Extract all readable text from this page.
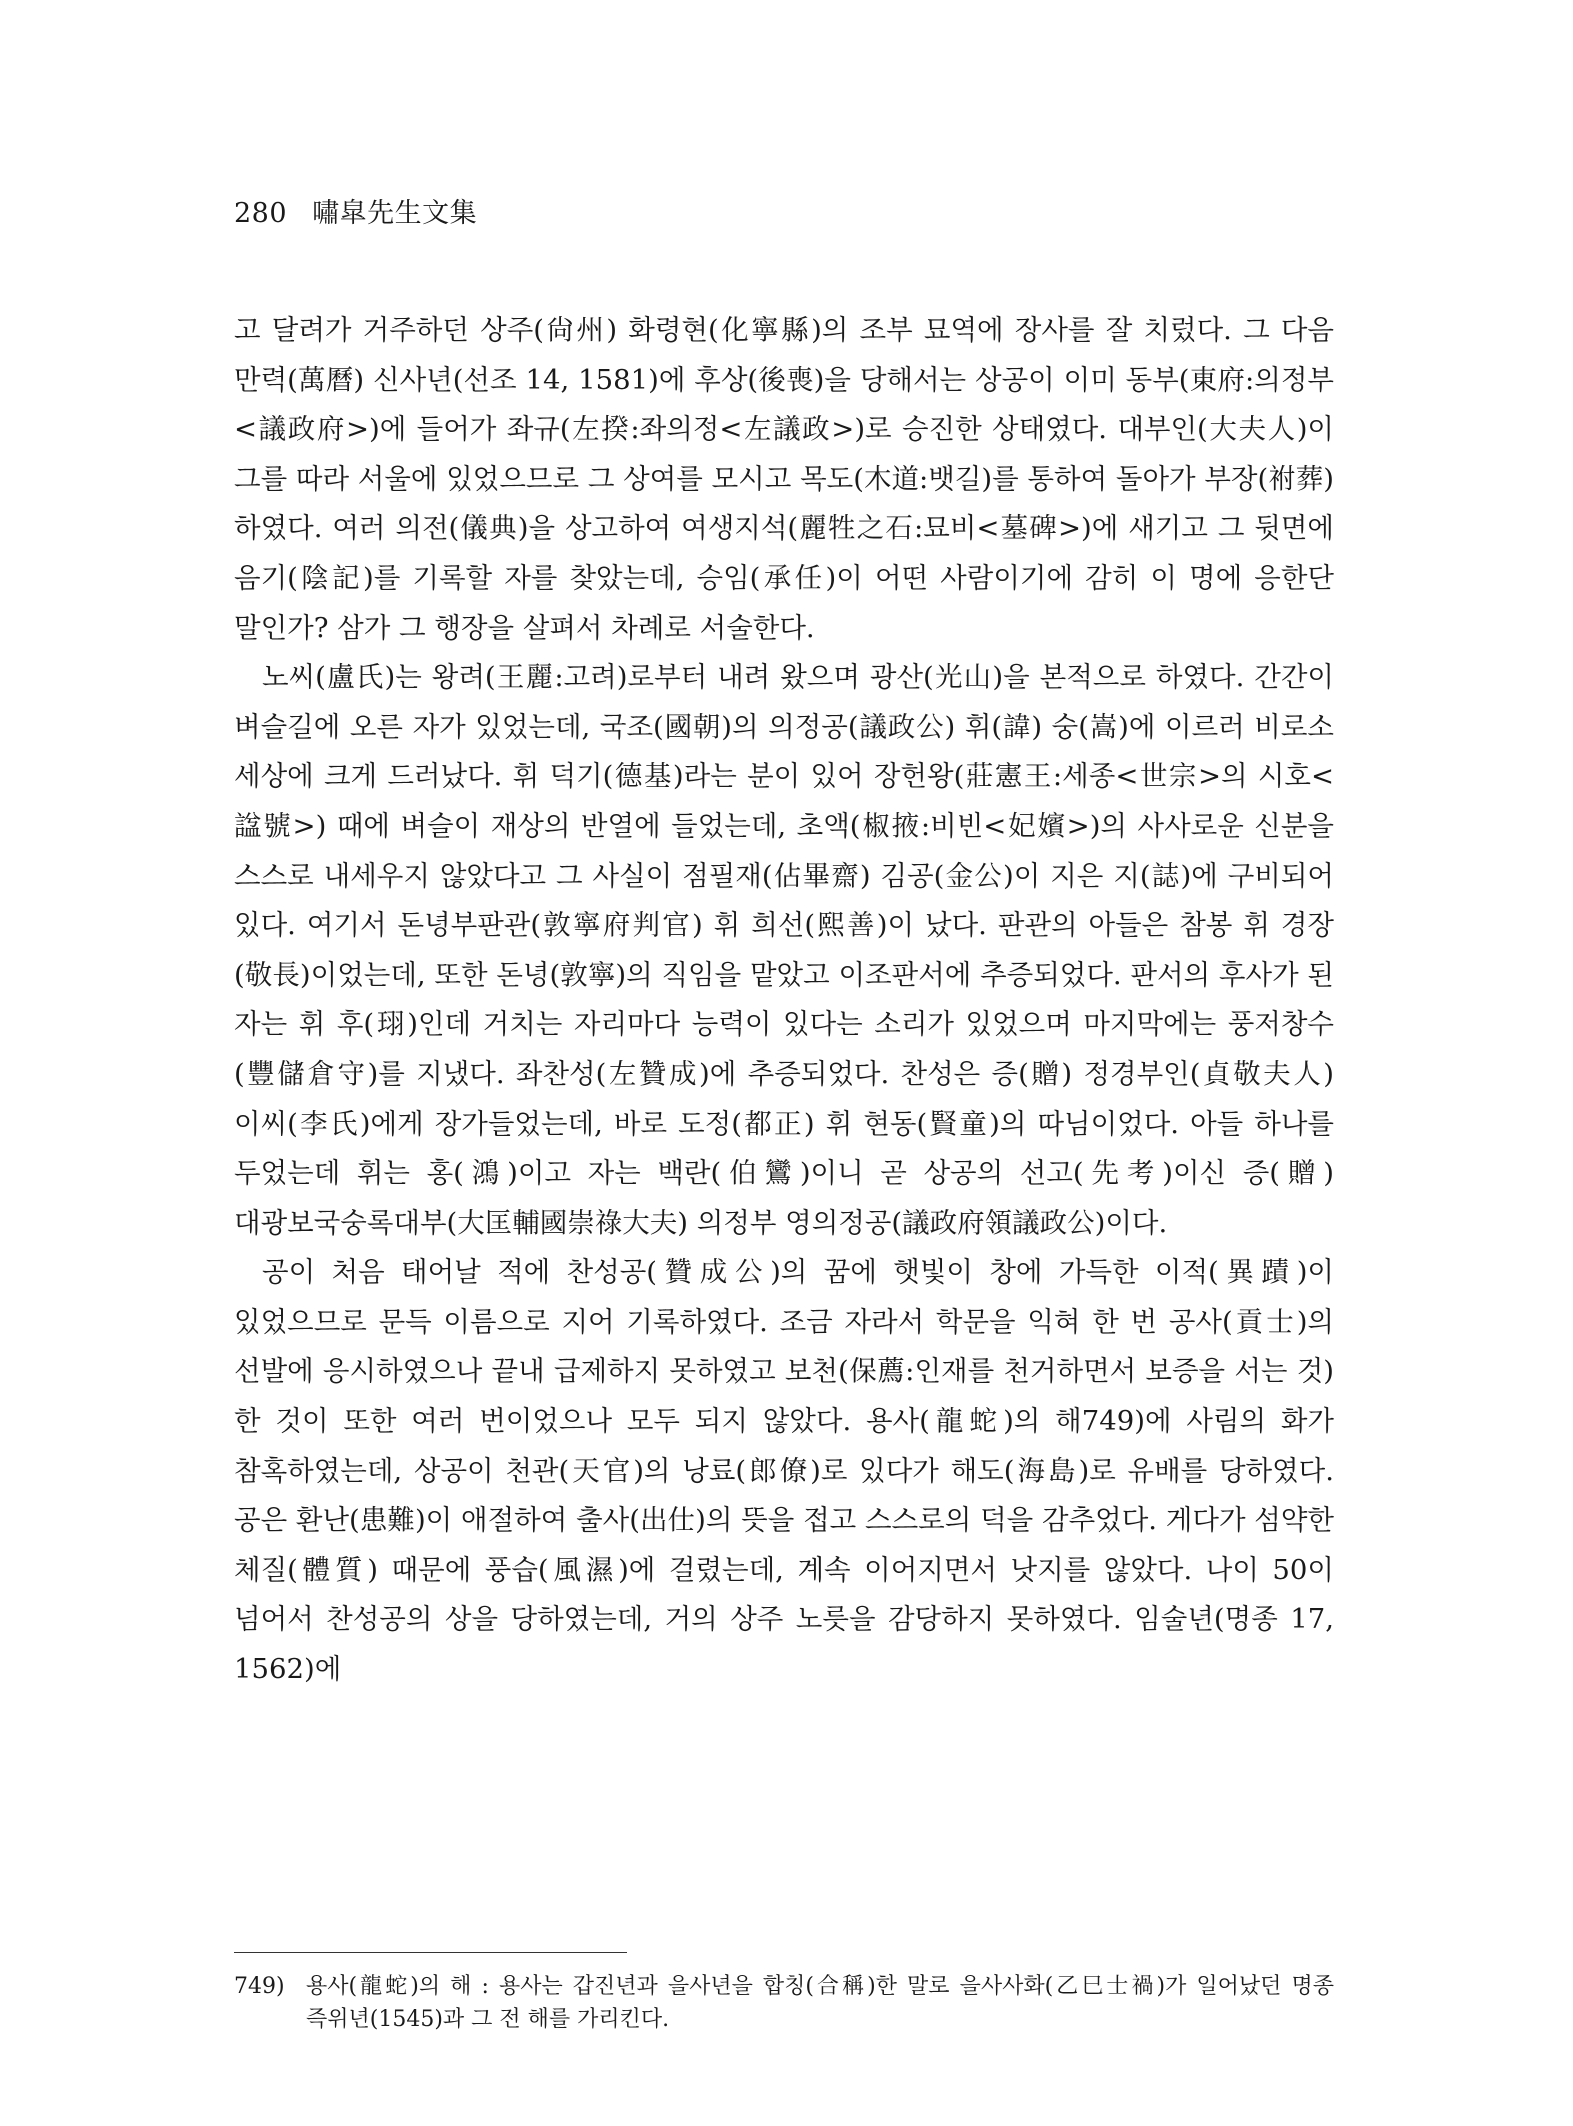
280 嘯皐先生文集

고 달려가 거주하던 상주(尙州) 화령현(化寧縣)의 조부 묘역에 장사를 잘 치렀다. 그 다음 만력(萬曆) 신사년(선조 14, 1581)에 후상(後喪)을 당해서는 상공이 이미 동부(東府:의정부<議政府>)에 들어가 좌규(左揆:좌의정<左議政>)로 승진한 상태였다. 대부인(大夫人)이 그를 따라 서울에 있었으므로 그 상여를 모시고 목도(木道:뱃길)를 통하여 돌아가 부장(祔葬)하였다. 여러 의전(儀典)을 상고하여 여생지석(麗牲之石:묘비<墓碑>)에 새기고 그 뒷면에 음기(陰記)를 기록할 자를 찾았는데, 승임(承任)이 어떤 사람이기에 감히 이 명에 응한단 말인가? 삼가 그 행장을 살펴서 차례로 서술한다.

노씨(盧氏)는 왕려(王麗:고려)로부터 내려 왔으며 광산(光山)을 본적으로 하였다. 간간이 벼슬길에 오른 자가 있었는데, 국조(國朝)의 의정공(議政公) 휘(諱) 숭(嵩)에 이르러 비로소 세상에 크게 드러났다. 휘 덕기(德基)라는 분이 있어 장헌왕(莊憲王:세종<世宗>의 시호<諡號>) 때에 벼슬이 재상의 반열에 들었는데, 초액(椒掖:비빈<妃嬪>)의 사사로운 신분을 스스로 내세우지 않았다고 그 사실이 점필재(佔畢齋) 김공(金公)이 지은 지(誌)에 구비되어 있다. 여기서 돈녕부판관(敦寧府判官) 휘 희선(熙善)이 났다. 판관의 아들은 참봉 휘 경장(敬長)이었는데, 또한 돈녕(敦寧)의 직임을 맡았고 이조판서에 추증되었다. 판서의 후사가 된 자는 휘 후(珝)인데 거치는 자리마다 능력이 있다는 소리가 있었으며 마지막에는 풍저창수(豐儲倉守)를 지냈다. 좌찬성(左贊成)에 추증되었다. 찬성은 증(贈) 정경부인(貞敬夫人) 이씨(李氏)에게 장가들었는데, 바로 도정(都正) 휘 현동(賢童)의 따님이었다. 아들 하나를 두었는데 휘는 홍(鴻)이고 자는 백란(伯鸞)이니 곧 상공의 선고(先考)이신 증(贈) 대광보국숭록대부(大匡輔國崇祿大夫) 의정부 영의정공(議政府領議政公)이다.

공이 처음 태어날 적에 찬성공(贊成公)의 꿈에 햇빛이 창에 가득한 이적(異蹟)이 있었으므로 문득 이름으로 지어 기록하였다. 조금 자라서 학문을 익혀 한 번 공사(貢士)의 선발에 응시하였으나 끝내 급제하지 못하였고 보천(保薦:인재를 천거하면서 보증을 서는 것)한 것이 또한 여러 번이었으나 모두 되지 않았다. 용사(龍蛇)의 해749)에 사림의 화가 참혹하였는데, 상공이 천관(天官)의 낭료(郎僚)로 있다가 해도(海島)로 유배를 당하였다. 공은 환난(患難)이 애절하여 출사(出仕)의 뜻을 접고 스스로의 덕을 감추었다. 게다가 섬약한 체질(體質) 때문에 풍습(風濕)에 걸렸는데, 계속 이어지면서 낫지를 않았다. 나이 50이 넘어서 찬성공의 상을 당하였는데, 거의 상주 노릇을 감당하지 못하였다. 임술년(명종 17, 1562)에

749) 용사(龍蛇)의 해 : 용사는 갑진년과 을사년을 합칭(合稱)한 말로 을사사화(乙巳士禍)가 일어났던 명종 즉위년(1545)과 그 전 해를 가리킨다.
